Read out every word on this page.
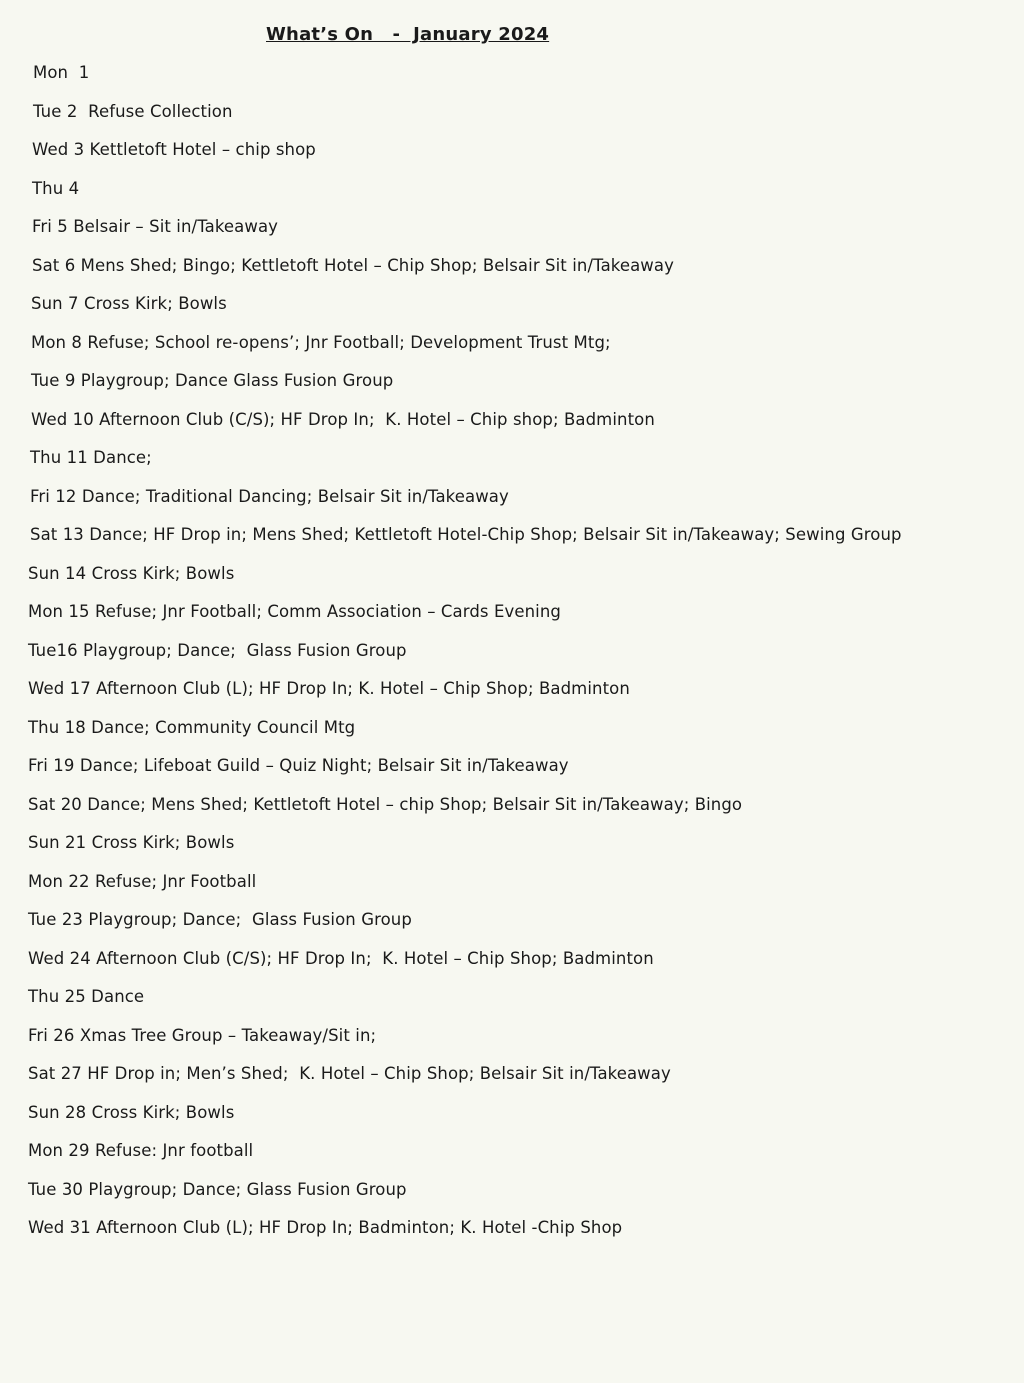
What’s On   -  January 2024
Mon  1
Tue 2  Refuse Collection
Wed 3 Kettletoft Hotel – chip shop
Thu 4
Fri 5 Belsair – Sit in/Takeaway
Sat 6 Mens Shed; Bingo; Kettletoft Hotel – Chip Shop; Belsair Sit in/Takeaway
Sun 7 Cross Kirk; Bowls
Mon 8 Refuse; School re-opens’; Jnr Football; Development Trust Mtg;
Tue 9 Playgroup; Dance Glass Fusion Group
Wed 10 Afternoon Club (C/S); HF Drop In;  K. Hotel – Chip shop; Badminton
Thu 11 Dance;
Fri 12 Dance; Traditional Dancing; Belsair Sit in/Takeaway
Sat 13 Dance; HF Drop in; Mens Shed; Kettletoft Hotel-Chip Shop; Belsair Sit in/Takeaway; Sewing Group
Sun 14 Cross Kirk; Bowls
Mon 15 Refuse; Jnr Football; Comm Association – Cards Evening
Tue16 Playgroup; Dance;  Glass Fusion Group
Wed 17 Afternoon Club (L); HF Drop In; K. Hotel – Chip Shop; Badminton
Thu 18 Dance; Community Council Mtg
Fri 19 Dance; Lifeboat Guild – Quiz Night; Belsair Sit in/Takeaway
Sat 20 Dance; Mens Shed; Kettletoft Hotel – chip Shop; Belsair Sit in/Takeaway; Bingo
Sun 21 Cross Kirk; Bowls
Mon 22 Refuse; Jnr Football
Tue 23 Playgroup; Dance;  Glass Fusion Group
Wed 24 Afternoon Club (C/S); HF Drop In;  K. Hotel – Chip Shop; Badminton
Thu 25 Dance
Fri 26 Xmas Tree Group – Takeaway/Sit in;
Sat 27 HF Drop in; Men’s Shed;  K. Hotel – Chip Shop; Belsair Sit in/Takeaway
Sun 28 Cross Kirk; Bowls
Mon 29 Refuse: Jnr football
Tue 30 Playgroup; Dance; Glass Fusion Group
Wed 31 Afternoon Club (L); HF Drop In; Badminton; K. Hotel -Chip Shop
